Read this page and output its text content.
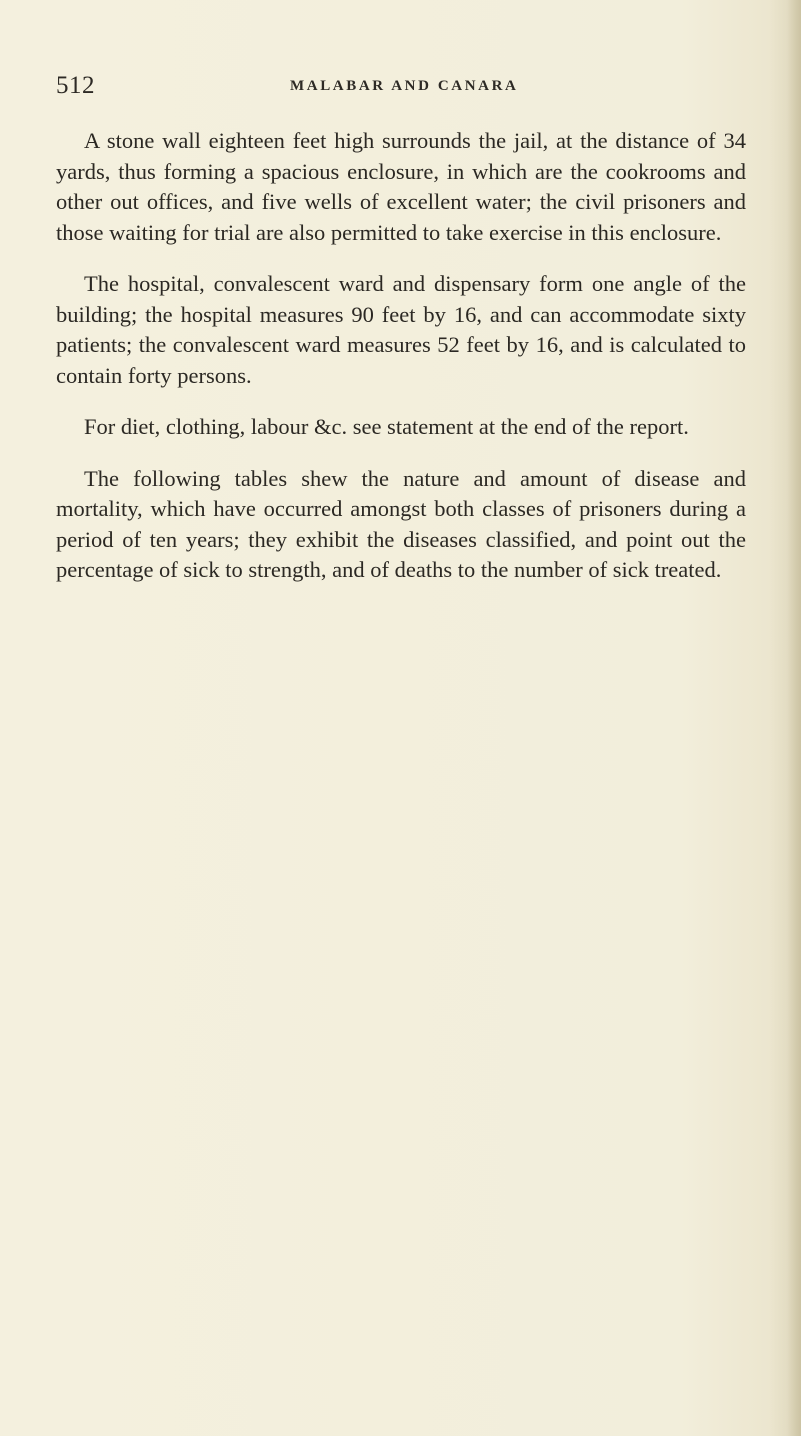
512	MALABAR AND CANARA

A stone wall eighteen feet high surrounds the jail, at the distance of 34 yards, thus forming a spacious enclosure, in which are the cookrooms and other out offices, and five wells of excellent water; the civil prisoners and those waiting for trial are also permitted to take exercise in this enclosure.

The hospital, convalescent ward and dispensary form one angle of the building; the hospital measures 90 feet by 16, and can accommodate sixty patients; the convalescent ward measures 52 feet by 16, and is calculated to contain forty persons.

For diet, clothing, labour &c. see statement at the end of the report.

The following tables shew the nature and amount of disease and mortality, which have occurred amongst both classes of prisoners during a period of ten years; they exhibit the diseases classified, and point out the percentage of sick to strength, and of deaths to the number of sick treated.
